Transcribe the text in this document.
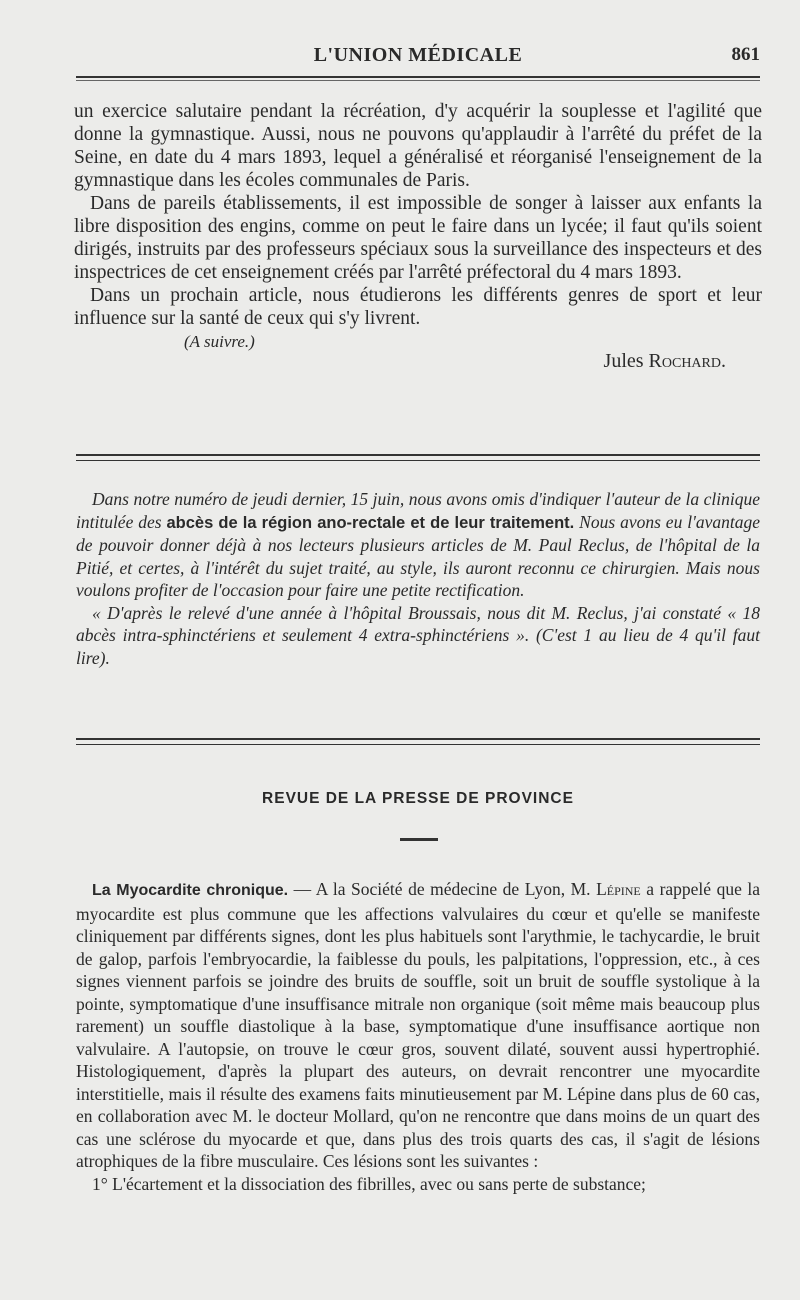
L'UNION MÉDICALE	861

un exercice salutaire pendant la récréation, d'y acquérir la souplesse et l'agilité que donne la gymnastique. Aussi, nous ne pouvons qu'applaudir à l'arrêté du préfet de la Seine, en date du 4 mars 1893, lequel a généralisé et réorganisé l'enseignement de la gymnastique dans les écoles communales de Paris.

Dans de pareils établissements, il est impossible de songer à laisser aux enfants la libre disposition des engins, comme on peut le faire dans un lycée; il faut qu'ils soient dirigés, instruits par des professeurs spéciaux sous la surveillance des inspecteurs et des inspectrices de cet enseignement créés par l'arrêté préfectoral du 4 mars 1893.

Dans un prochain article, nous étudierons les différents genres de sport et leur influence sur la santé de ceux qui s'y livrent.

(A suivre.)
Jules Rochard.

Dans notre numéro de jeudi dernier, 15 juin, nous avons omis d'indiquer l'auteur de la clinique intitulée des abcès de la région ano-rectale et de leur traitement. Nous avons eu l'avantage de pouvoir donner déjà à nos lecteurs plusieurs articles de M. Paul Reclus, de l'hôpital de la Pitié, et certes, à l'intérêt du sujet traité, au style, ils auront reconnu ce chirurgien. Mais nous voulons profiter de l'occasion pour faire une petite rectification.

« D'après le relevé d'une année à l'hôpital Broussais, nous dit M. Reclus, j'ai constaté « 18 abcès intra-sphinctériens et seulement 4 extra-sphinctériens ». (C'est 1 au lieu de 4 qu'il faut lire).

REVUE DE LA PRESSE DE PROVINCE

La Myocardite chronique. — A la Société de médecine de Lyon, M. Lépine a rappelé que la myocardite est plus commune que les affections valvulaires du cœur et qu'elle se manifeste cliniquement par différents signes, dont les plus habituels sont l'arythmie, le tachycardie, le bruit de galop, parfois l'embryocardie, la faiblesse du pouls, les palpitations, l'oppression, etc., à ces signes viennent parfois se joindre des bruits de souffle, soit un bruit de souffle systolique à la pointe, symptomatique d'une insuffisance mitrale non organique (soit même mais beaucoup plus rarement) un souffle diastolique à la base, symptomatique d'une insuffisance aortique non valvulaire. A l'autopsie, on trouve le cœur gros, souvent dilaté, souvent aussi hypertrophié. Histologiquement, d'après la plupart des auteurs, on devrait rencontrer une myocardite interstitielle, mais il résulte des examens faits minutieusement par M. Lépine dans plus de 60 cas, en collaboration avec M. le docteur Mollard, qu'on ne rencontre que dans moins de un quart des cas une sclérose du myocarde et que, dans plus des trois quarts des cas, il s'agit de lésions atrophiques de la fibre musculaire. Ces lésions sont les suivantes :

1° L'écartement et la dissociation des fibrilles, avec ou sans perte de substance;
